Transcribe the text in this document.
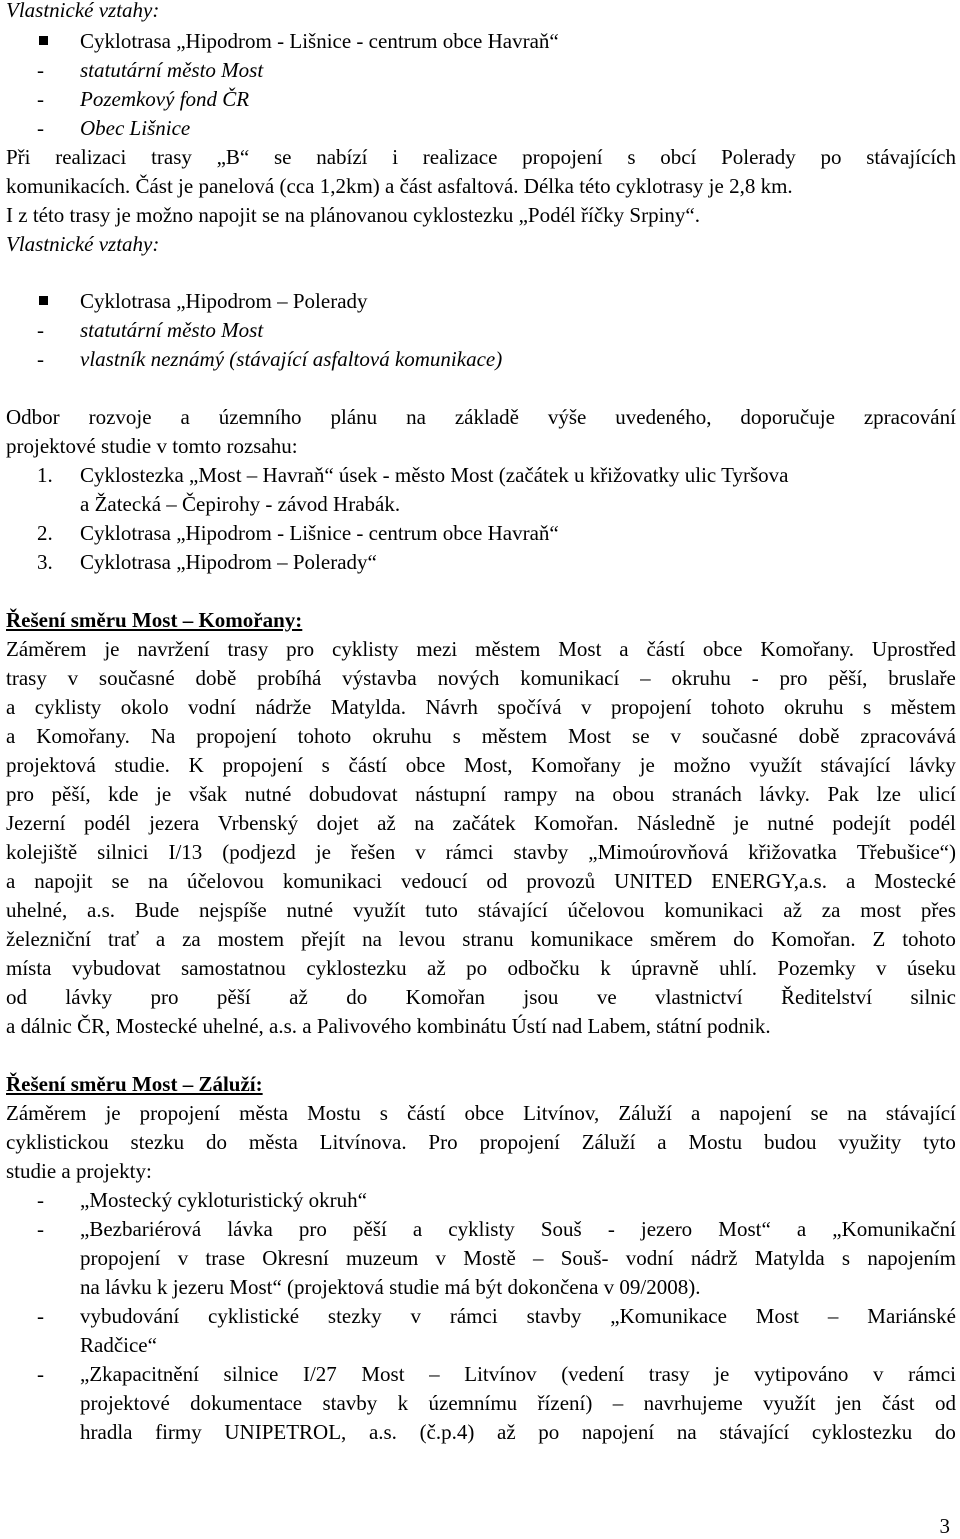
Vlastnické vztahy:
Cyklotrasa „Hipodrom - Lišnice - centrum obce Havraň“
- statutární město Most
- Pozemkový fond ČR
- Obec Lišnice
Při realizaci trasy „B“ se nabízí i realizace propojení s obcí Polerady po stávajících
komunikacích. Část je panelová (cca 1,2km) a část asfaltová. Délka této cyklotrasy je 2,8 km.
I z této trasy je možno napojit se na plánovanou cyklostezku „Podél říčky Srpiny“.
Vlastnické vztahy:
Cyklotrasa „Hipodrom – Polerady
- statutární město Most
- vlastník neznámý (stávající asfaltová komunikace)
Odbor rozvoje a územního plánu na základě výše uvedeného, doporučuje zpracování
projektové studie v tomto rozsahu:
1. Cyklostezka „Most – Havraň“ úsek - město Most (začátek u křižovatky ulic Tyršova
a Žatecká – Čepirohy - závod Hrabák.
2. Cyklotrasa „Hipodrom - Lišnice - centrum obce Havraň“
3. Cyklotrasa „Hipodrom – Polerady“
Řešení směru Most – Komořany:
Záměrem je navržení trasy pro cyklisty mezi městem Most a částí obce Komořany. Uprostřed
trasy v současné době probíhá výstavba nových komunikací – okruhu - pro pěší, bruslaře
a cyklisty okolo vodní nádrže Matylda. Návrh spočívá v propojení tohoto okruhu s městem
a Komořany. Na propojení tohoto okruhu s městem Most se v současné době zpracovává
projektová studie. K propojení s částí obce Most, Komořany je možno využít stávající lávky
pro pěší, kde je však nutné dobudovat nástupní rampy na obou stranách lávky. Pak lze ulicí
Jezerní podél jezera Vrbenský dojet až na začátek Komořan. Následně je nutné podejít podél
kolejiště silnici I/13 (podjezd je řešen v rámci stavby „Mimoúrovňová křižovatka Třebušice“)
a napojit se na účelovou komunikaci vedoucí od provozů UNITED ENERGY,a.s. a Mostecké
uhelné, a.s. Bude nejspíše nutné využít tuto stávající účelovou komunikaci až za most přes
železniční trať a za mostem přejít na levou stranu komunikace směrem do Komořan. Z tohoto
místa vybudovat samostatnou cyklostezku až po odbočku k úpravně uhlí. Pozemky v úseku
od lávky pro pěší až do Komořan jsou ve vlastnictví Ředitelství silnic
a dálnic ČR, Mostecké uhelné, a.s. a Palivového kombinátu Ústí nad Labem, státní podnik.
Řešení směru Most – Záluží:
Záměrem je propojení města Mostu s částí obce Litvínov, Záluží a napojení se na stávající
cyklistickou stezku do města Litvínova. Pro propojení Záluží a Mostu budou využity tyto
studie a projekty:
- „Mostecký cykloturistický okruh“
- „Bezbariérová lávka pro pěší a cyklisty Souš - jezero Most“ a „Komunikační
propojení v trase Okresní muzeum v Mostě – Souš- vodní nádrž Matylda s napojením
na lávku k jezeru Most“ (projektová studie má být dokončena v 09/2008).
- vybudování cyklistické stezky v rámci stavby „Komunikace Most – Mariánské
Radčice“
- „Zkapacitnění silnice I/27 Most – Litvínov (vedení trasy je vytipováno v rámci
projektové dokumentace stavby k územnímu řízení) – navrhujeme využít jen část od
hradla firmy UNIPETROL, a.s. (č.p.4) až po napojení na stávající cyklostezku do
3
